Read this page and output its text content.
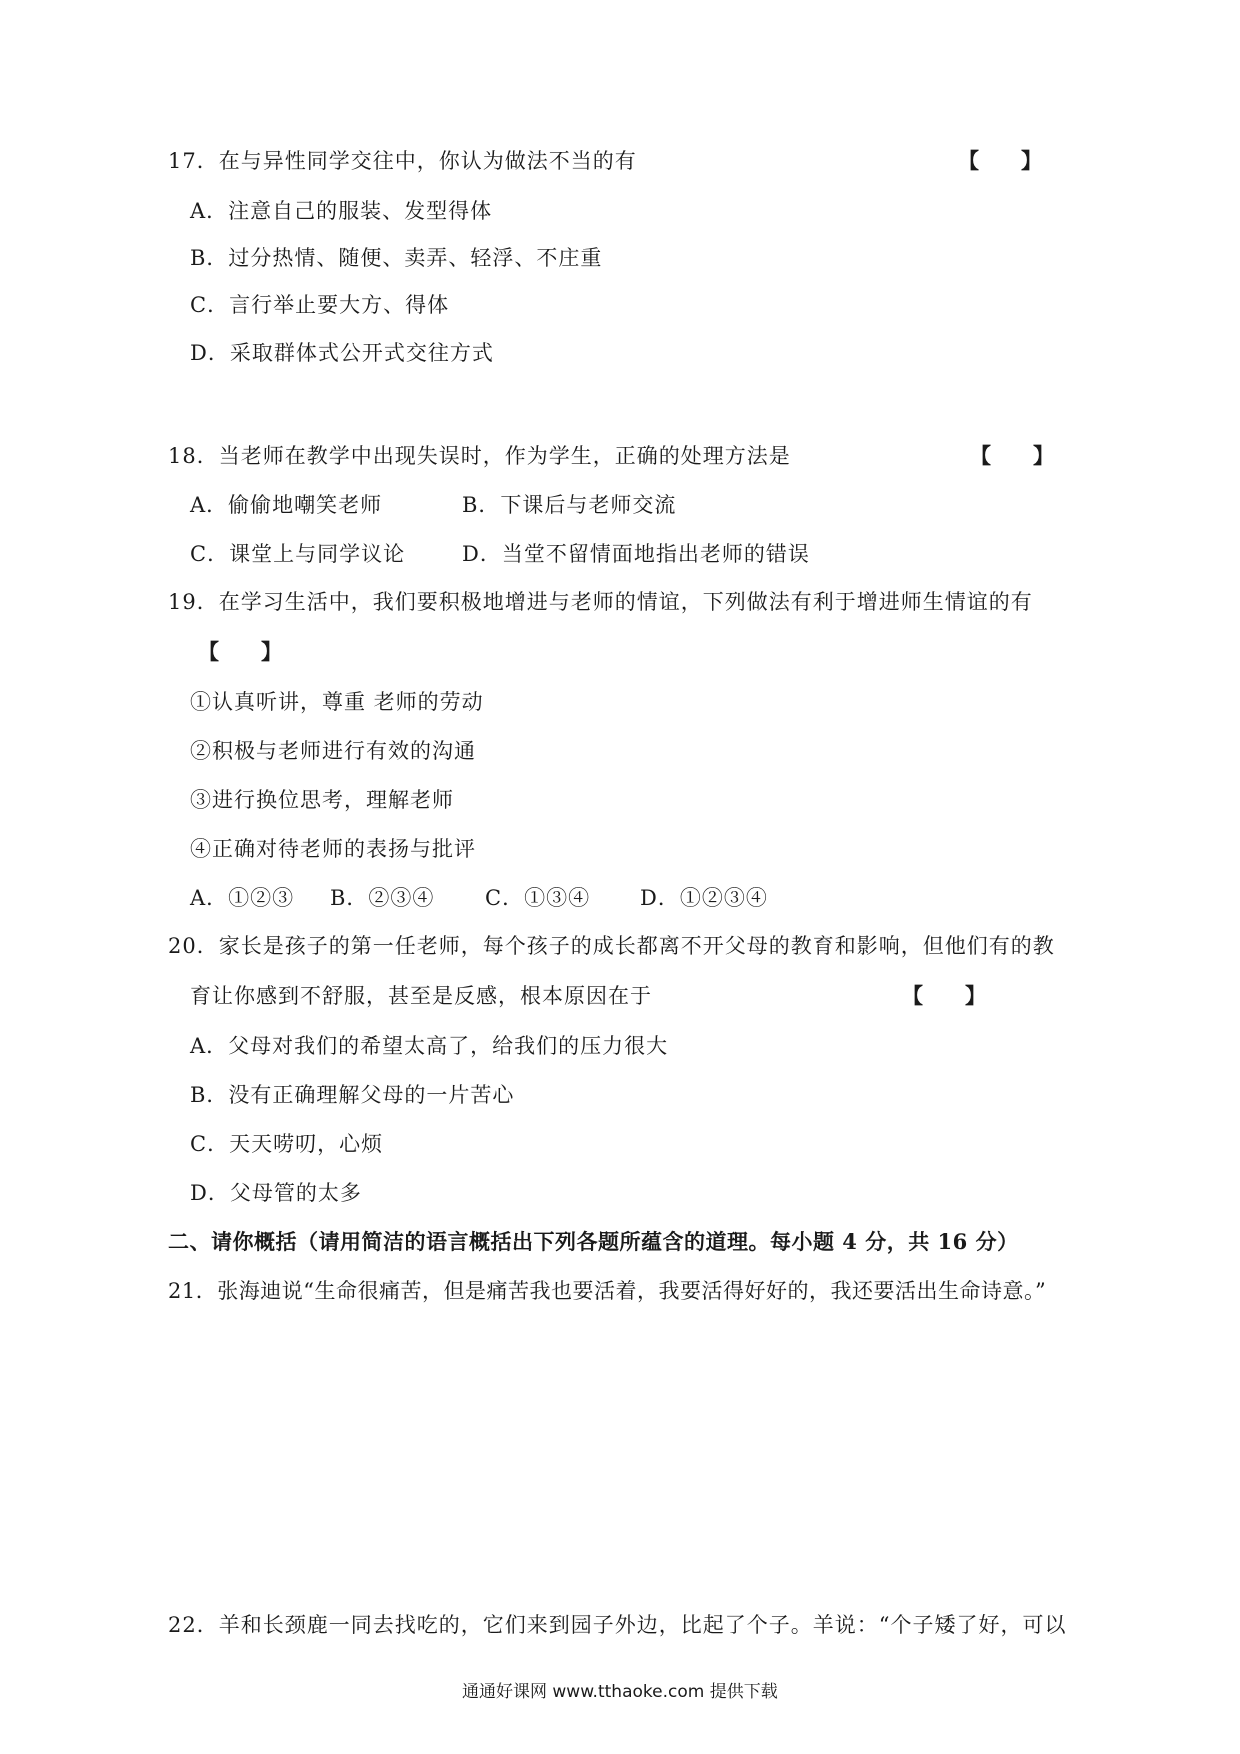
17．在与异性同学交往中，你认为做法不当的有	【　　】
A．注意自己的服装、发型得体
B．过分热情、随便、卖弄、轻浮、不庄重
C．言行举止要大方、得体
D．采取群体式公开式交往方式
18．当老师在教学中出现失误时，作为学生，正确的处理方法是	【　　】
A．偷偷地嘲笑老师	B．下课后与老师交流
C．课堂上与同学议论	D．当堂不留情面地指出老师的错误
19．在学习生活中，我们要积极地增进与老师的情谊，下列做法有利于增进师生情谊的有
【　　】
①认真听讲，尊重 老师的劳动
②积极与老师进行有效的沟通
③进行换位思考，理解老师
④正确对待老师的表扬与批评
A．①②③ B．②③④ C．①③④ D．①②③④
20．家长是孩子的第一任老师，每个孩子的成长都离不开父母的教育和影响，但他们有的教
育让你感到不舒服，甚至是反感，根本原因在于	【　　】
A．父母对我们的希望太高了，给我们的压力很大
B．没有正确理解父母的一片苦心
C．天天唠叨，心烦
D．父母管的太多
二、请你概括（请用简洁的语言概括出下列各题所蕴含的道理。每小题 4 分，共 16 分）
21．张海迪说“生命很痛苦，但是痛苦我也要活着，我要活得好好的，我还要活出生命诗意。”
22．羊和长颈鹿一同去找吃的，它们来到园子外边，比起了个子。羊说：“个子矮了好，可以
通通好课网 www.tthaoke.com 提供下载
